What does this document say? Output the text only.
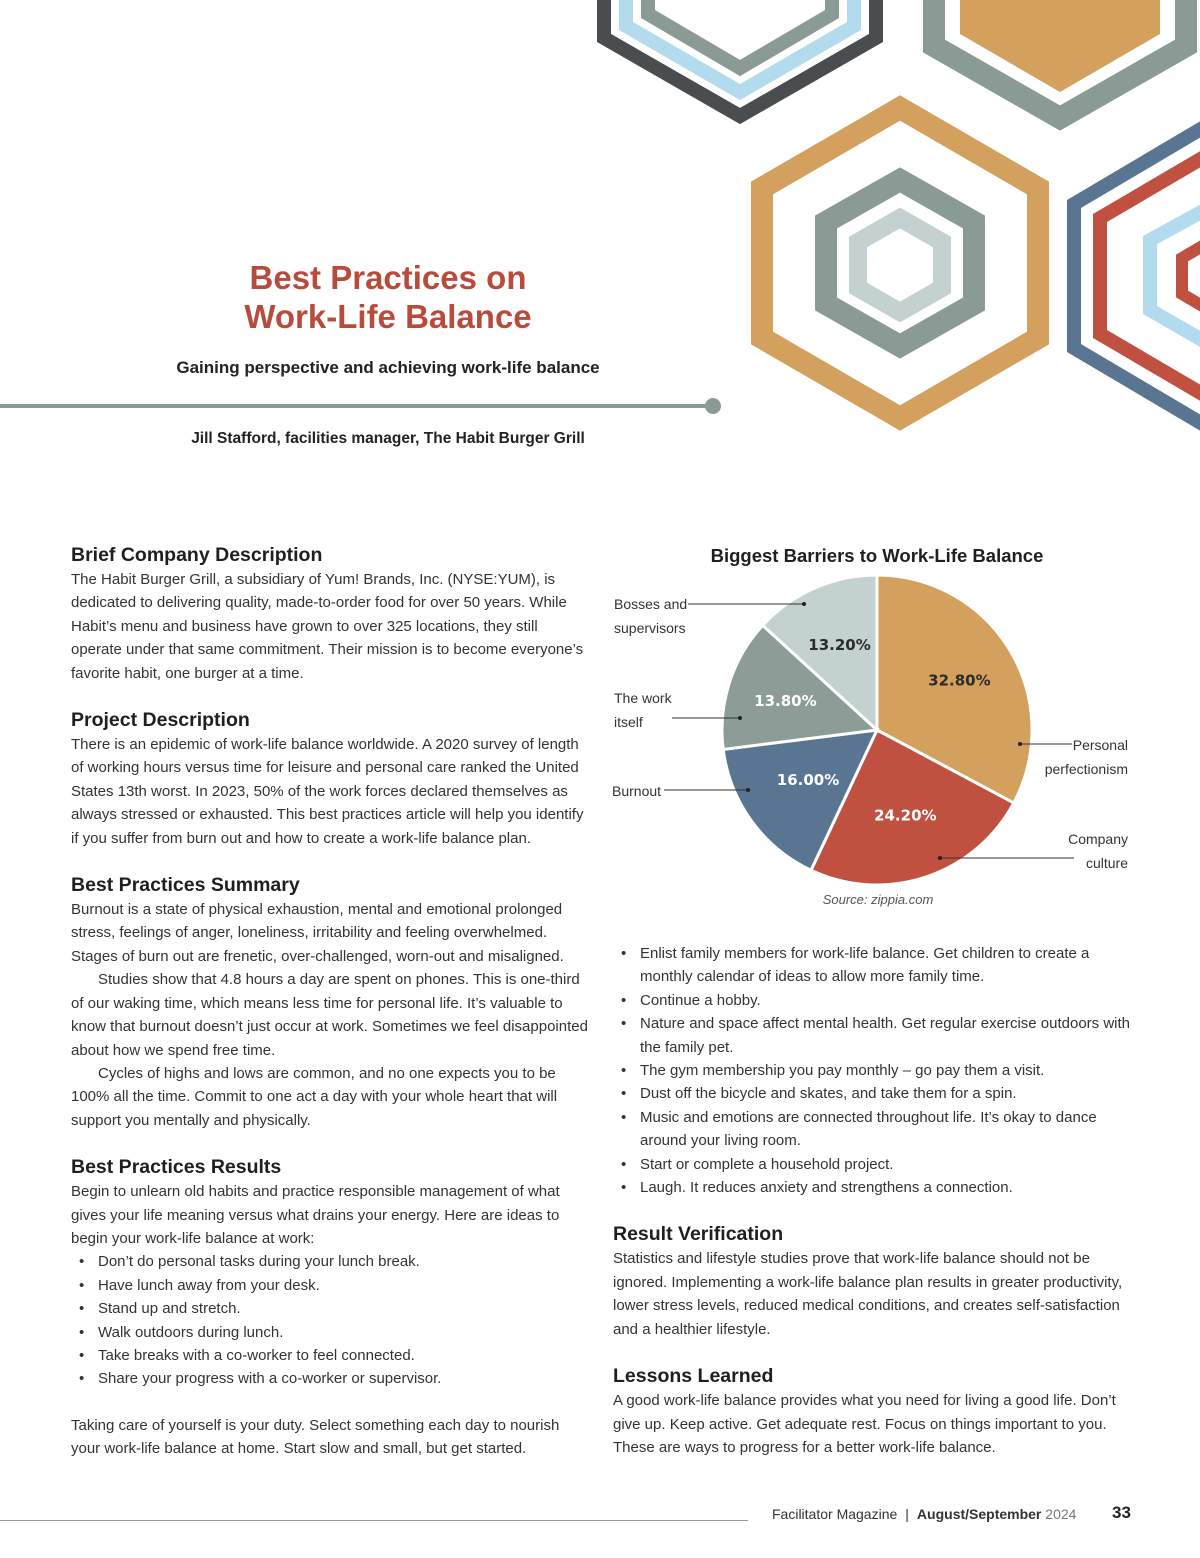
Best Practices on
Work-Life Balance
Gaining perspective and achieving work-life balance
Jill Stafford, facilities manager, The Habit Burger Grill
Brief Company Description

The Habit Burger Grill, a subsidiary of Yum! Brands, Inc. (NYSE:YUM), is dedicated to delivering quality, made-to-order food for over 50 years. While Habit’s menu and business have grown to over 325 locations, they still operate under that same commitment. Their mission is to become everyone’s favorite habit, one burger at a time.

Project Description

There is an epidemic of work-life balance worldwide. A 2020 survey of length of working hours versus time for leisure and personal care ranked the United States 13th worst. In 2023, 50% of the work forces declared themselves as always stressed or exhausted. This best practices article will help you identify if you suffer from burn out and how to create a work-life balance plan.

Best Practices Summary

Burnout is a state of physical exhaustion, mental and emotional prolonged stress, feelings of anger, loneliness, irritability and feeling overwhelmed. Stages of burn out are frenetic, over-challenged, worn-out and misaligned.

Studies show that 4.8 hours a day are spent on phones. This is one-third of our waking time, which means less time for personal life. It’s valuable to know that burnout doesn’t just occur at work. Sometimes we feel disappointed about how we spend free time.

Cycles of highs and lows are common, and no one expects you to be 100% all the time. Commit to one act a day with your whole heart that will support you mentally and physically.

Best Practices Results

Begin to unlearn old habits and practice responsible management of what gives your life meaning versus what drains your energy. Here are ideas to begin your work-life balance at work:

• Don’t do personal tasks during your lunch break.
• Have lunch away from your desk.
• Stand up and stretch.
• Walk outdoors during lunch.
• Take breaks with a co-worker to feel connected.
• Share your progress with a co-worker or supervisor.

Taking care of yourself is your duty. Select something each day to nourish your work-life balance at home. Start slow and small, but get started.

Biggest Barriers to Work-Life Balance
32.80%
Personal
perfectionism
24.20%
Company
culture
16.00%
Burnout
13.80%
The work
itself
13.20%
Bosses and
supervisors
Source: zippia.com
• Enlist family members for work-life balance. Get children to create a monthly calendar of ideas to allow more family time.
• Continue a hobby.
• Nature and space affect mental health. Get regular exercise outdoors with the family pet.
• The gym membership you pay monthly – go pay them a visit.
• Dust off the bicycle and skates, and take them for a spin.
• Music and emotions are connected throughout life. It’s okay to dance around your living room.
• Start or complete a household project.
• Laugh. It reduces anxiety and strengthens a connection.
Result Verification

Statistics and lifestyle studies prove that work-life balance should not be ignored. Implementing a work-life balance plan results in greater productivity, lower stress levels, reduced medical conditions, and creates self-satisfaction and a healthier lifestyle.

Lessons Learned

A good work-life balance provides what you need for living a good life. Don’t give up. Keep active. Get adequate rest. Focus on things important to you. These are ways to progress for a better work-life balance.

Facilitator Magazine | August/September 2024 33
